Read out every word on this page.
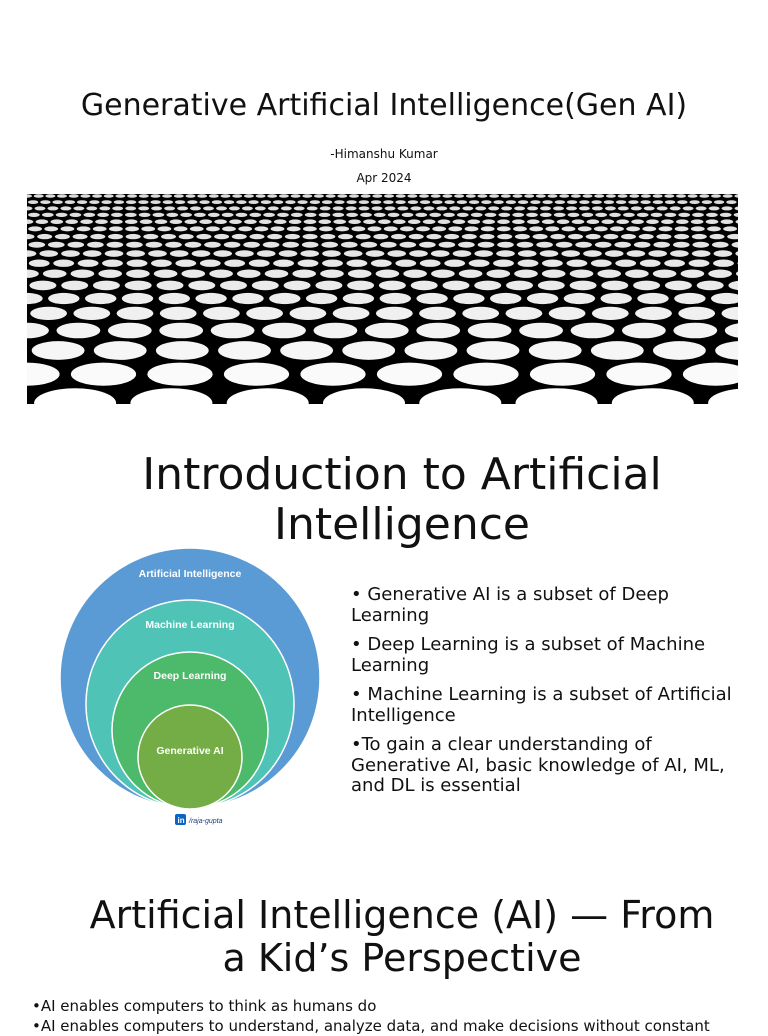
Generative Artificial Intelligence(Gen AI)
-Himanshu Kumar
Apr 2024
Introduction to Artificial Intelligence
Artificial Intelligence
Machine Learning
Deep Learning
Generative AI
in /raja-gupta

• Generative AI is a subset of Deep Learning

• Deep Learning is a subset of Machine Learning

• Machine Learning is a subset of Artificial Intelligence

•To gain a clear understanding of Generative AI, basic knowledge of AI, ML, and DL is essential

Artificial Intelligence (AI) — From a Kid’s Perspective
•AI enables computers to think as humans do
•AI enables computers to understand, analyze data, and make decisions without constant
